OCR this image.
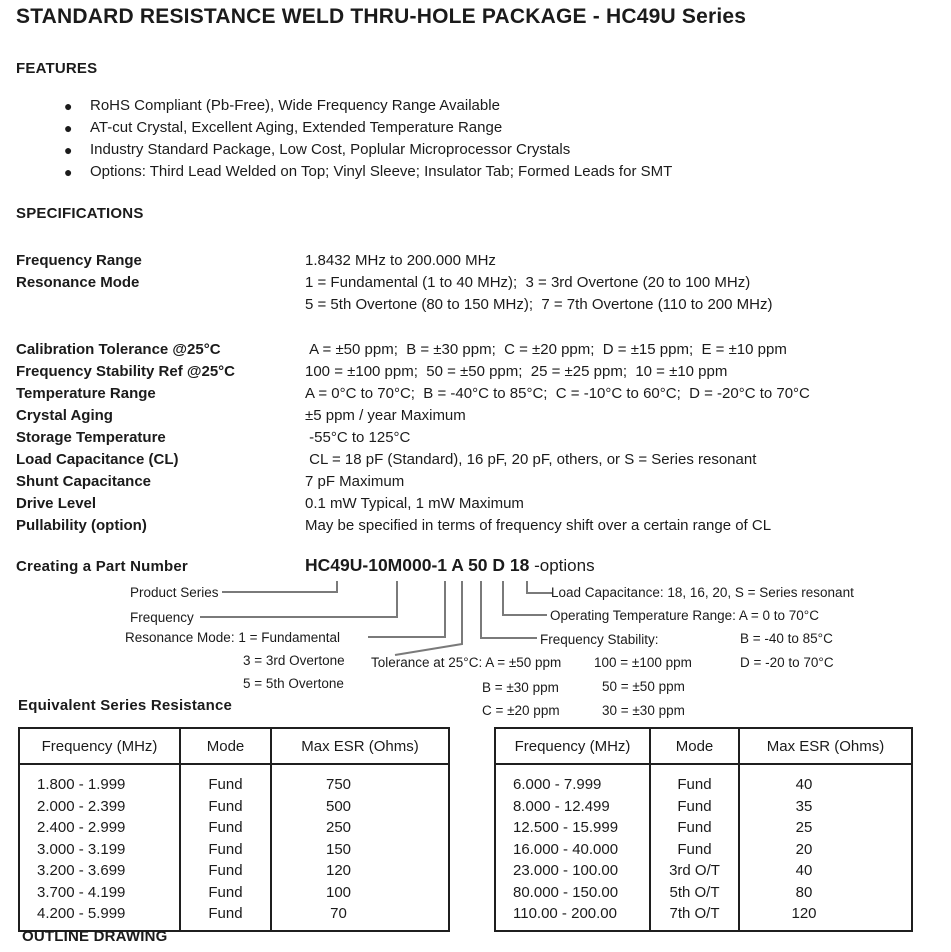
STANDARD RESISTANCE WELD THRU-HOLE PACKAGE - HC49U Series
FEATURES
●	RoHS Compliant (Pb-Free), Wide Frequency Range Available
●	AT-cut Crystal, Excellent Aging, Extended Temperature Range
●	Industry Standard Package, Low Cost, Poplular Microprocessor Crystals
●	Options: Third Lead Welded on Top; Vinyl Sleeve; Insulator Tab; Formed Leads for SMT
SPECIFICATIONS
Frequency Range	1.8432 MHz to 200.000 MHz
Resonance Mode	1 = Fundamental (1 to 40 MHz);  3 = 3rd Overtone (20 to 100 MHz)
5 = 5th Overtone (80 to 150 MHz);  7 = 7th Overtone (110 to 200 MHz)
Calibration Tolerance @25°C	A = ±50 ppm;  B = ±30 ppm;  C = ±20 ppm;  D = ±15 ppm;  E = ±10 ppm
Frequency Stability Ref @25°C	100 = ±100 ppm;  50 = ±50 ppm;  25 = ±25 ppm;  10 = ±10 ppm
Temperature Range	A = 0°C to 70°C;  B = -40°C to 85°C;  C = -10°C to 60°C;  D = -20°C to 70°C
Crystal Aging	±5 ppm / year Maximum
Storage Temperature	-55°C to 125°C
Load Capacitance (CL)	CL = 18 pF (Standard), 16 pF, 20 pF, others, or S = Series resonant
Shunt Capacitance	7 pF Maximum
Drive Level	0.1 mW Typical, 1 mW Maximum
Pullability (option)	May be specified in terms of frequency shift over a certain range of CL
Creating a Part Number	HC49U-10M000-1 A 50 D 18 -options
Product Series
Frequency
Resonance Mode: 1 = Fundamental
3 = 3rd Overtone
5 = 5th Overtone
Tolerance at 25°C: A = ±50 ppm
B = ±30 ppm
C = ±20 ppm
Frequency Stability:
100 = ±100 ppm
50 = ±50 ppm
30 = ±30 ppm
Operating Temperature Range: A = 0 to 70°C
B = -40 to 85°C
D = -20 to 70°C
Load Capacitance: 18, 16, 20, S = Series resonant
Equivalent Series Resistance
Frequency (MHz)	Mode	Max ESR (Ohms)
1.800 - 1.999	Fund	750
2.000 - 2.399	Fund	500
2.400 - 2.999	Fund	250
3.000 - 3.199	Fund	150
3.200 - 3.699	Fund	120
3.700 - 4.199	Fund	100
4.200 - 5.999	Fund	70
Frequency (MHz)	Mode	Max ESR (Ohms)
6.000 - 7.999	Fund	40
8.000 - 12.499	Fund	35
12.500 - 15.999	Fund	25
16.000 - 40.000	Fund	20
23.000 - 100.00	3rd O/T	40
80.000 - 150.00	5th O/T	80
110.00 - 200.00	7th O/T	120
OUTLINE DRAWING
